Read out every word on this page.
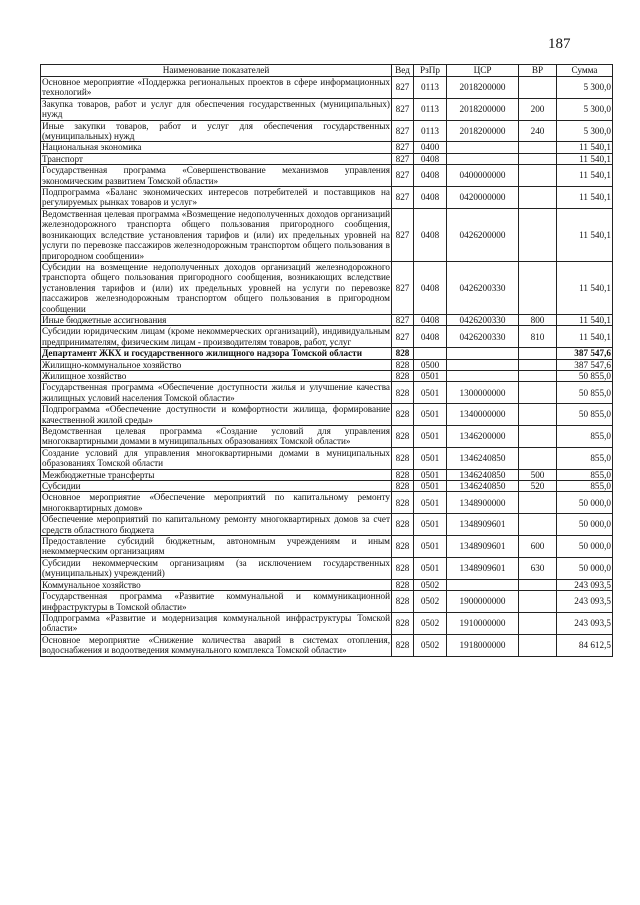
187
Наименование показателей	Вед	РзПр	ЦСР	ВР	Сумма
Основное мероприятие «Поддержка региональных проектов в сфере информационных технологий»	827	0113	2018200000		5 300,0
Закупка товаров, работ и услуг для обеспечения государственных (муниципальных) нужд	827	0113	2018200000	200	5 300,0
Иные закупки товаров, работ и услуг для обеспечения государственных (муниципальных) нужд	827	0113	2018200000	240	5 300,0
Национальная экономика	827	0400			11 540,1
Транспорт	827	0408			11 540,1
Государственная программа «Совершенствование механизмов управления экономическим развитием Томской области»	827	0408	0400000000		11 540,1
Подпрограмма «Баланс экономических интересов потребителей и поставщиков на регулируемых рынках товаров и услуг»	827	0408	0420000000		11 540,1
Ведомственная целевая программа «Возмещение недополученных доходов организаций железнодорожного транспорта общего пользования пригородного сообщения, возникающих вследствие установления тарифов и (или) их предельных уровней на услуги по перевозке пассажиров железнодорожным транспортом общего пользования в пригородном сообщении»	827	0408	0426200000		11 540,1
Субсидии на возмещение недополученных доходов организаций железнодорожного транспорта общего пользования пригородного сообщения, возникающих вследствие установления тарифов и (или) их предельных уровней на услуги по перевозке пассажиров железнодорожным транспортом общего пользования в пригородном сообщении	827	0408	0426200330		11 540,1
Иные бюджетные ассигнования	827	0408	0426200330	800	11 540,1
Субсидии юридическим лицам (кроме некоммерческих организаций), индивидуальным предпринимателям, физическим лицам - производителям товаров, работ, услуг	827	0408	0426200330	810	11 540,1
Департамент ЖКХ и государственного жилищного надзора Томской области	828				387 547,6
Жилищно-коммунальное хозяйство	828	0500			387 547,6
Жилищное хозяйство	828	0501			50 855,0
Государственная программа «Обеспечение доступности жилья и улучшение качества жилищных условий населения Томской области»	828	0501	1300000000		50 855,0
Подпрограмма «Обеспечение доступности и комфортности жилища, формирование качественной жилой среды»	828	0501	1340000000		50 855,0
Ведомственная целевая программа «Создание условий для управления многоквартирными домами в муниципальных образованиях Томской области»	828	0501	1346200000		855,0
Создание условий для управления многоквартирными домами в муниципальных образованиях Томской области	828	0501	1346240850		855,0
Межбюджетные трансферты	828	0501	1346240850	500	855,0
Субсидии	828	0501	1346240850	520	855,0
Основное мероприятие «Обеспечение мероприятий по капитальному ремонту многоквартирных домов»	828	0501	1348900000		50 000,0
Обеспечение мероприятий по капитальному ремонту многоквартирных домов за счет средств областного бюджета	828	0501	1348909601		50 000,0
Предоставление субсидий бюджетным, автономным учреждениям и иным некоммерческим организациям	828	0501	1348909601	600	50 000,0
Субсидии некоммерческим организациям (за исключением государственных (муниципальных) учреждений)	828	0501	1348909601	630	50 000,0
Коммунальное хозяйство	828	0502			243 093,5
Государственная программа «Развитие коммунальной и коммуникационной инфраструктуры в Томской области»	828	0502	1900000000		243 093,5
Подпрограмма «Развитие и модернизация коммунальной инфраструктуры Томской области»	828	0502	1910000000		243 093,5
Основное мероприятие «Снижение количества аварий в системах отопления, водоснабжения и водоотведения коммунального комплекса Томской области»	828	0502	1918000000		84 612,5
